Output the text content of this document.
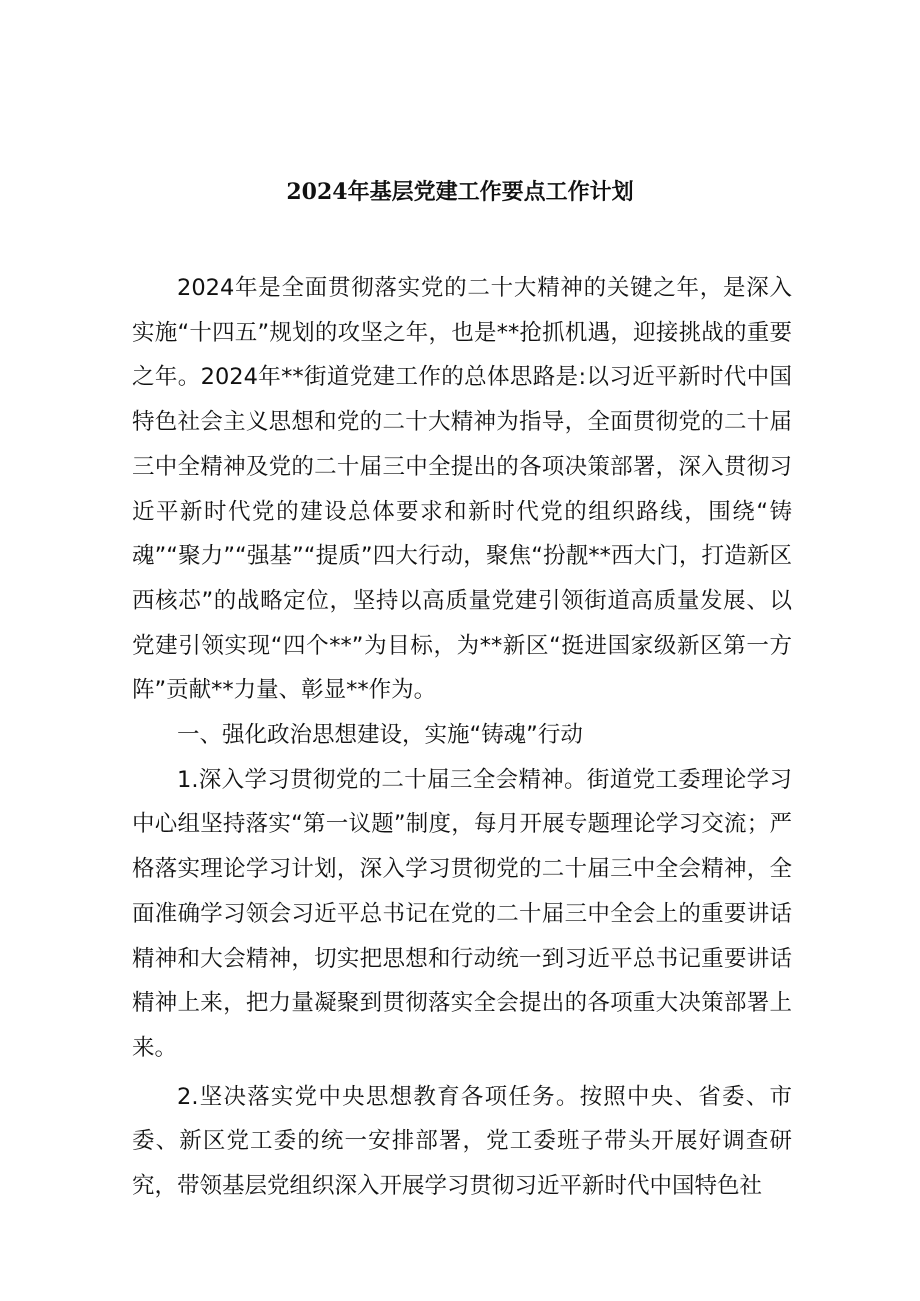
2024年基层党建工作要点工作计划

2024年是全面贯彻落实党的二十大精神的关键之年，是深入实施“十四五”规划的攻坚之年，也是**抢抓机遇，迎接挑战的重要之年。2024年**街道党建工作的总体思路是:以习近平新时代中国特色社会主义思想和党的二十大精神为指导，全面贯彻党的二十届三中全精神及党的二十届三中全提出的各项决策部署，深入贯彻习近平新时代党的建设总体要求和新时代党的组织路线，围绕“铸魂”“聚力”“强基”“提质”四大行动，聚焦“扮靓**西大门，打造新区西核芯”的战略定位，坚持以高质量党建引领街道高质量发展、以党建引领实现“四个**”为目标，为**新区“挺进国家级新区第一方阵”贡献**力量、彰显**作为。

一、强化政治思想建设，实施“铸魂”行动

1.深入学习贯彻党的二十届三全会精神。街道党工委理论学习中心组坚持落实“第一议题”制度，每月开展专题理论学习交流；严格落实理论学习计划，深入学习贯彻党的二十届三中全会精神，全面准确学习领会习近平总书记在党的二十届三中全会上的重要讲话精神和大会精神，切实把思想和行动统一到习近平总书记重要讲话精神上来，把力量凝聚到贯彻落实全会提出的各项重大决策部署上来。

2.坚决落实党中央思想教育各项任务。按照中央、省委、市委、新区党工委的统一安排部署，党工委班子带头开展好调查研究，带领基层党组织深入开展学习贯彻习近平新时代中国特色社
